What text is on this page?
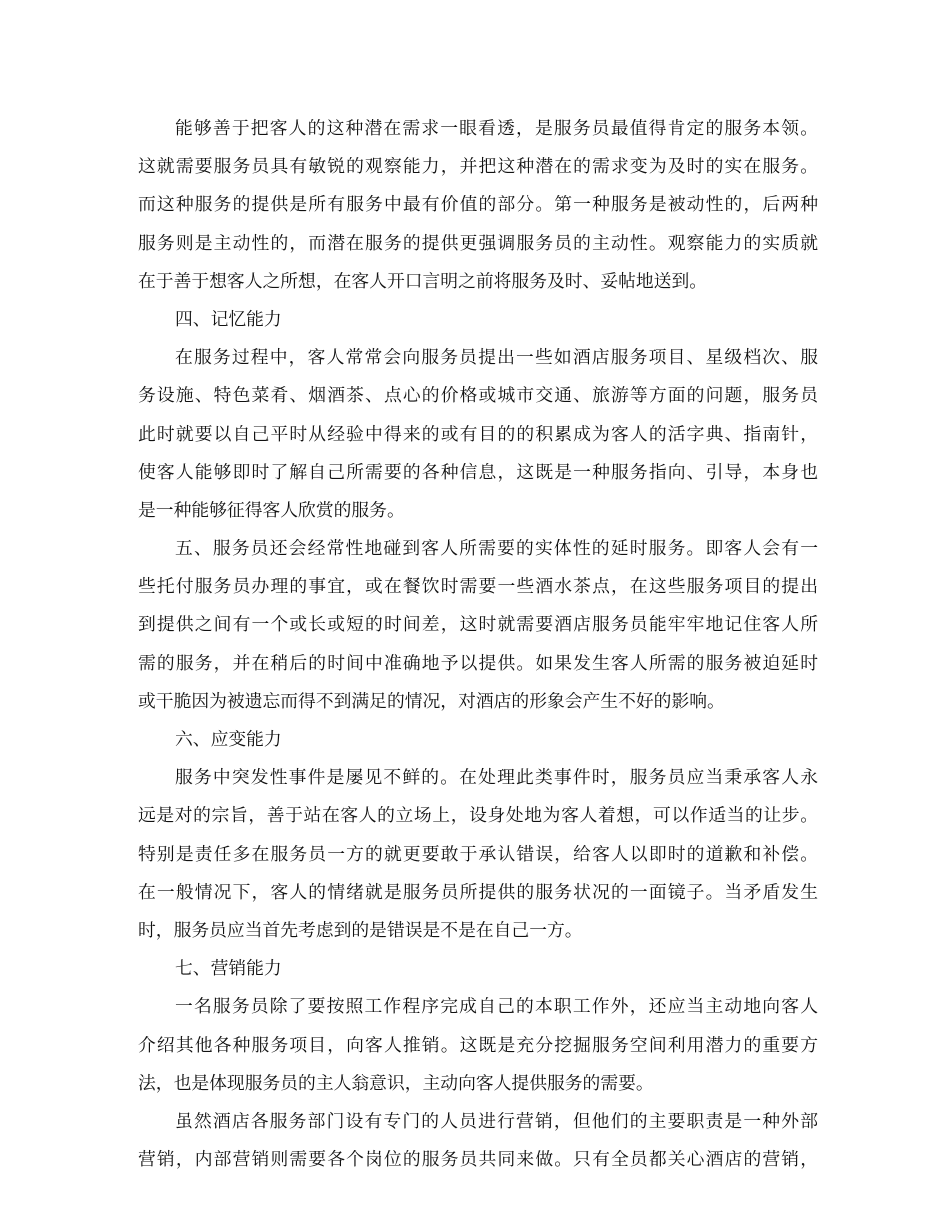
能够善于把客人的这种潜在需求一眼看透，是服务员最值得肯定的服务本领。
这就需要服务员具有敏锐的观察能力，并把这种潜在的需求变为及时的实在服务。
而这种服务的提供是所有服务中最有价值的部分。第一种服务是被动性的，后两种
服务则是主动性的，而潜在服务的提供更强调服务员的主动性。观察能力的实质就
在于善于想客人之所想，在客人开口言明之前将服务及时、妥帖地送到。
四、记忆能力
在服务过程中，客人常常会向服务员提出一些如酒店服务项目、星级档次、服
务设施、特色菜肴、烟酒茶、点心的价格或城市交通、旅游等方面的问题，服务员
此时就要以自己平时从经验中得来的或有目的的积累成为客人的活字典、指南针，
使客人能够即时了解自己所需要的各种信息，这既是一种服务指向、引导，本身也
是一种能够征得客人欣赏的服务。
五、服务员还会经常性地碰到客人所需要的实体性的延时服务。即客人会有一
些托付服务员办理的事宜，或在餐饮时需要一些酒水茶点，在这些服务项目的提出
到提供之间有一个或长或短的时间差，这时就需要酒店服务员能牢牢地记住客人所
需的服务，并在稍后的时间中准确地予以提供。如果发生客人所需的服务被迫延时
或干脆因为被遗忘而得不到满足的情况，对酒店的形象会产生不好的影响。
六、应变能力
服务中突发性事件是屡见不鲜的。在处理此类事件时，服务员应当秉承客人永
远是对的宗旨，善于站在客人的立场上，设身处地为客人着想，可以作适当的让步。
特别是责任多在服务员一方的就更要敢于承认错误，给客人以即时的道歉和补偿。
在一般情况下，客人的情绪就是服务员所提供的服务状况的一面镜子。当矛盾发生
时，服务员应当首先考虑到的是错误是不是在自己一方。
七、营销能力
一名服务员除了要按照工作程序完成自己的本职工作外，还应当主动地向客人
介绍其他各种服务项目，向客人推销。这既是充分挖掘服务空间利用潜力的重要方
法，也是体现服务员的主人翁意识，主动向客人提供服务的需要。
虽然酒店各服务部门设有专门的人员进行营销，但他们的主要职责是一种外部
营销，内部营销则需要各个岗位的服务员共同来做。只有全员都关心酒店的营销，
